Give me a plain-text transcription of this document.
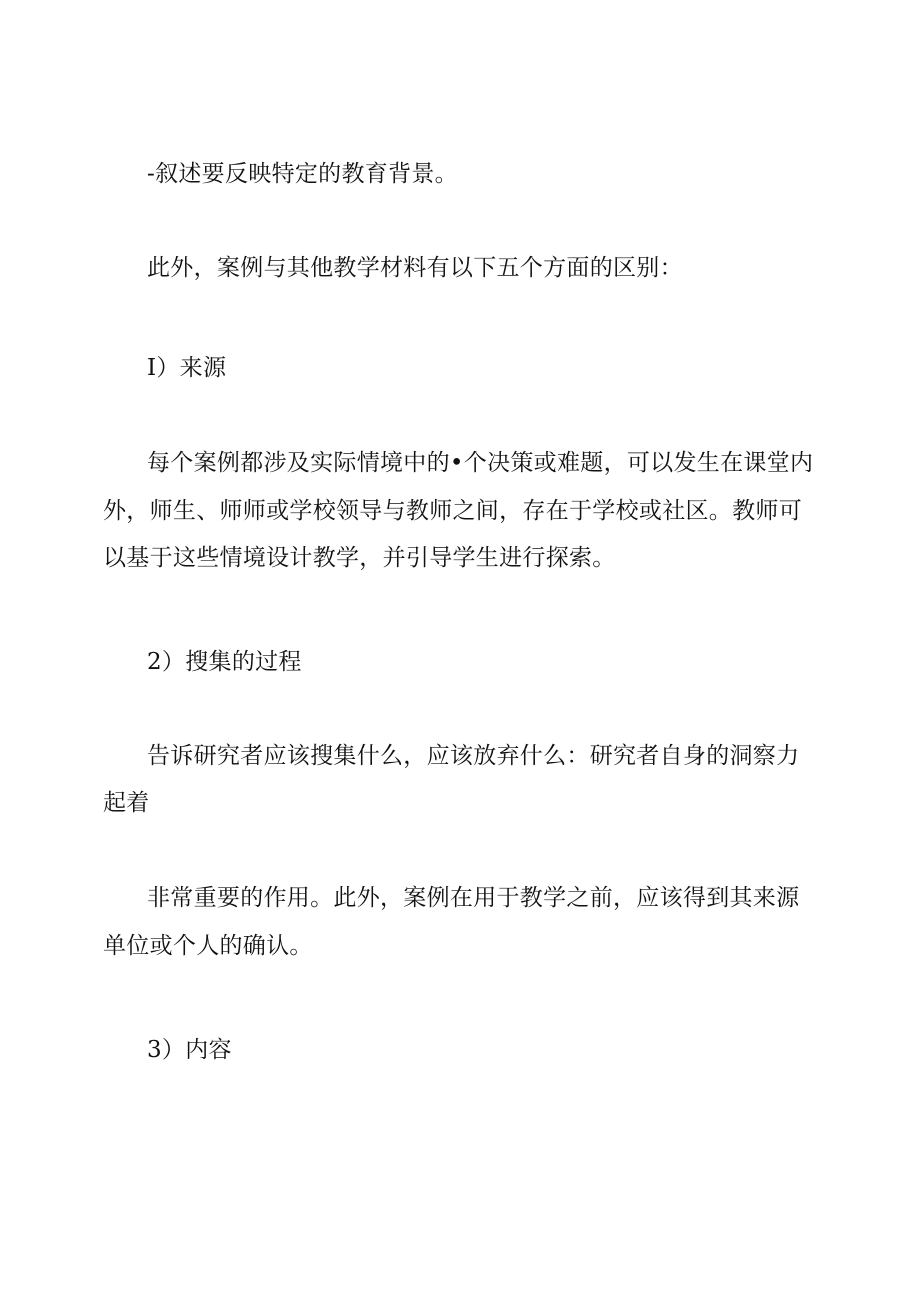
-叙述要反映特定的教育背景。
此外，案例与其他教学材料有以下五个方面的区别：
I）来源
每个案例都涉及实际情境中的•个决策或难题，可以发生在课堂内
外，师生、师师或学校领导与教师之间，存在于学校或社区。教师可
以基于这些情境设计教学，并引导学生进行探索。
2）搜集的过程
告诉研究者应该搜集什么，应该放弃什么：研究者自身的洞察力
起着
非常重要的作用。此外，案例在用于教学之前，应该得到其来源
单位或个人的确认。
3）内容
